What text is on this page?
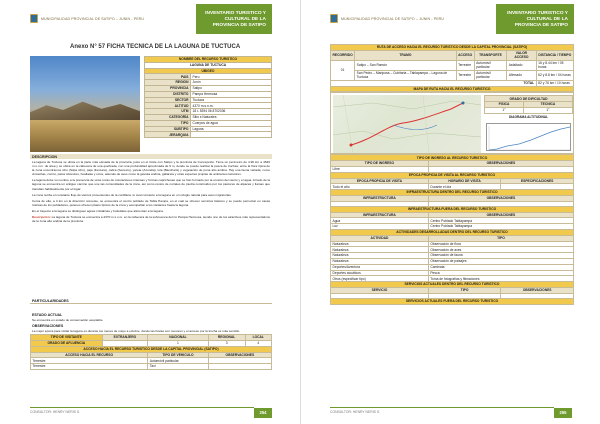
MUNICIPALIDAD PROVINCIAL DE SATIPO – JUNIN - PERU
INVENTARIO TURISTICO Y CULTURAL DE LA PROVINCIA DE SATIPO
Anexo N° 57 FICHA TECNICA DE LA LAGUNA DE TUCTUCA
NOMBRE DEL RECURSO TURISTICO	
LAGUNA DE TUCTUCA	
UBIGEO	
PAIS	Peru
REGION	Junín
PROVINCIA	Satipo
DISTRITO	Pampa Hermosa
SECTOR	Tuctuca
ALTITUD	4370 m.s.n.m.
UTM	18 L 5394 06 8702036
CATEGORÍA	Sitio s Naturales
TIPO	Cuerpos de agua
SUBTIPO	Laguna
JERARQUIA	
DESCRIPCION
La laguna de Tuctuca se ubica en la parte más elevada de la provincia, justo en el límite con Satipo y la provincia de Concepción. Tiene un perímetro de 4.96 km a 4546 m.s.n.m. de área y se ubica en la cabecera de una quebrada, con una profundidad aproximada de 9 m, donde se puede realizar la pesca de truchas; entre la flora típica de la zona encontramos ichu (Stipa ichu), paja (Festuca), cabra (Senecio), yareta (Azorella), tola (Baccharis) y vegetación de puna alto andina. Hay una fauna variada, como vizcachas, zorros, patos silvestres, huallatas y otros, además de aves como la gaviota andina, gallareta y otras especies propias de ambientes lacustres.
La laguna debe su nombre a la presencia de unas rocas de coloraciones intensas y formas caprichosas que se han formado por la erosión del viento y el agua. Al lado de la laguna se encuentra un antiguo camino que une las comunidades de la zona, así como restos de corrales de piedra construidos por los pastores de alpacas y llamas que transitan habitualmente por el lugar.
La zona recibe el constante flujo de vientos provenientes de la cordillera, lo cual convierte a la laguna en un refugio natural para aves migratorias.
Cerca de ella, a 4 km en la dirección noroeste, se encuentra el centro poblado de Tabla Pampa, en el cual se ofrecen servicios básicos y se puede pernoctar en casas rústicas de los pobladores, quienes ofrecen platos típicos de la zona y acompañan a los visitantes hasta la laguna.
En el trayecto a la laguna se distinguen aguas cristalinas y bofedales que alimentan a la laguna.
Descripción: La laguna de Tuctuca se encuentra a 4370 m.s.n.m. en la cabecera de la subcuenca del río Pampa Hermosa, siendo uno de los atractivos más representativos de la zona alto andina de la provincia.
PARTICULARIDADES
ESTADO ACTUAL
Se encuentra en estado de conservación aceptable.
OBSERVACIONES
La mejor época para visitar la laguna es durante los meses de mayo a octubre, donde las lluvias son menores y el acceso por la trocha es más sencillo.
TIPO DE VISITANTE	EXTRANJERO	NACIONAL	REGIONAL	LOCAL
GRADO DE AFLUENCIA		1	3	4
ACCESO HACIA EL RECURSO TURISTICO DESDE LA CAPITAL PROVINCIAL (SATIPO)				
ACCESO HACIA EL RECURSO		TIPO DE VEHICULO	OBSERVACIONES	
Terrestre		Automóvil particular		
Terrestre		Taxi		
CONSULTOR: HENRY NERIS S.	254
MUNICIPALIDAD PROVINCIAL DE SATIPO – JUNIN - PERU
INVENTARIO TURISTICO Y CULTURAL DE LA PROVINCIA DE SATIPO
RUTA DE ACCESO HACIA EL RECURSO TURISTICO DESDE LA CAPITAL PROVINCIAL (SATIPO)					
RECORRIDO	TRAMO	ACCESO	TRANSPORTE	VALOR ACCESO	DISTANCIA / TIEMPO
01	Satipo – San Ramón	Terrestre	Automóvil particular	Asfaltado	16 y 8.44 km / 05 horas
	San Pedro – Mariposa – Cubitaria – Tablapampa – Laguna de Tuctuca	Terrestre	Automóvil particular	Afirmado	62 y 8.8 km / 04 horas
TOTAL					82 y 76 km / 10 horas
MAPA DE RUTA HACIA EL RECURSO TURISTICO					
GRADO DE DIFICULTAD	
FISICA	TECNICA
1°	1°
DIAGRAMA ALTITUDINAL
TIPO DE INGRESO AL RECURSO TURISTICO		
TIPO DE INGRESO	OBSERVACIONES	
Libre		
EPOCA PROPICIA DE VISITA AL RECURSO TURISTICO		
EPOCA PROPICIA DE VISITA	HORARIO DE VISITA	ESPECIFICACIONES
Todo el año	Durante el día	
INFRAESTRUCTURA DENTRO DEL RECURSO TURISTICO		
INFRAESTRUCTURA	OBSERVACIONES	

INFRAESTRUCTURA FUERA DEL RECURSO TURISTICO		
INFRAESTRUCTURA	OBSERVACIONES	
Agua	Centro Poblado Tablapampa	
Luz	Centro Poblado Tablapampa	
ACTIVIDADES DESARROLLADAS DENTRO DEL RECURSO TURISTICO		
ACTIVIDAD	TIPO	
Naturaleza	Observación de flora	
Naturaleza	Observación de aves	
Naturaleza	Observación de fauna	
Naturaleza	Observación de paisajes	
Deportes/Aventura	Caminata	
Deportes acuáticos	Pesca	
Otros (especificar tipo)	Toma de fotografías y filmaciones	
SERVICIOS ACTUALES DENTRO DEL RECURSO TURISTICO		
SERVICIO	TIPO	OBSERVACIONES

SERVICIOS ACTUALES FUERA DEL RECURSO TURISTICO		
CONSULTOR: HENRY NERIS S.	255
